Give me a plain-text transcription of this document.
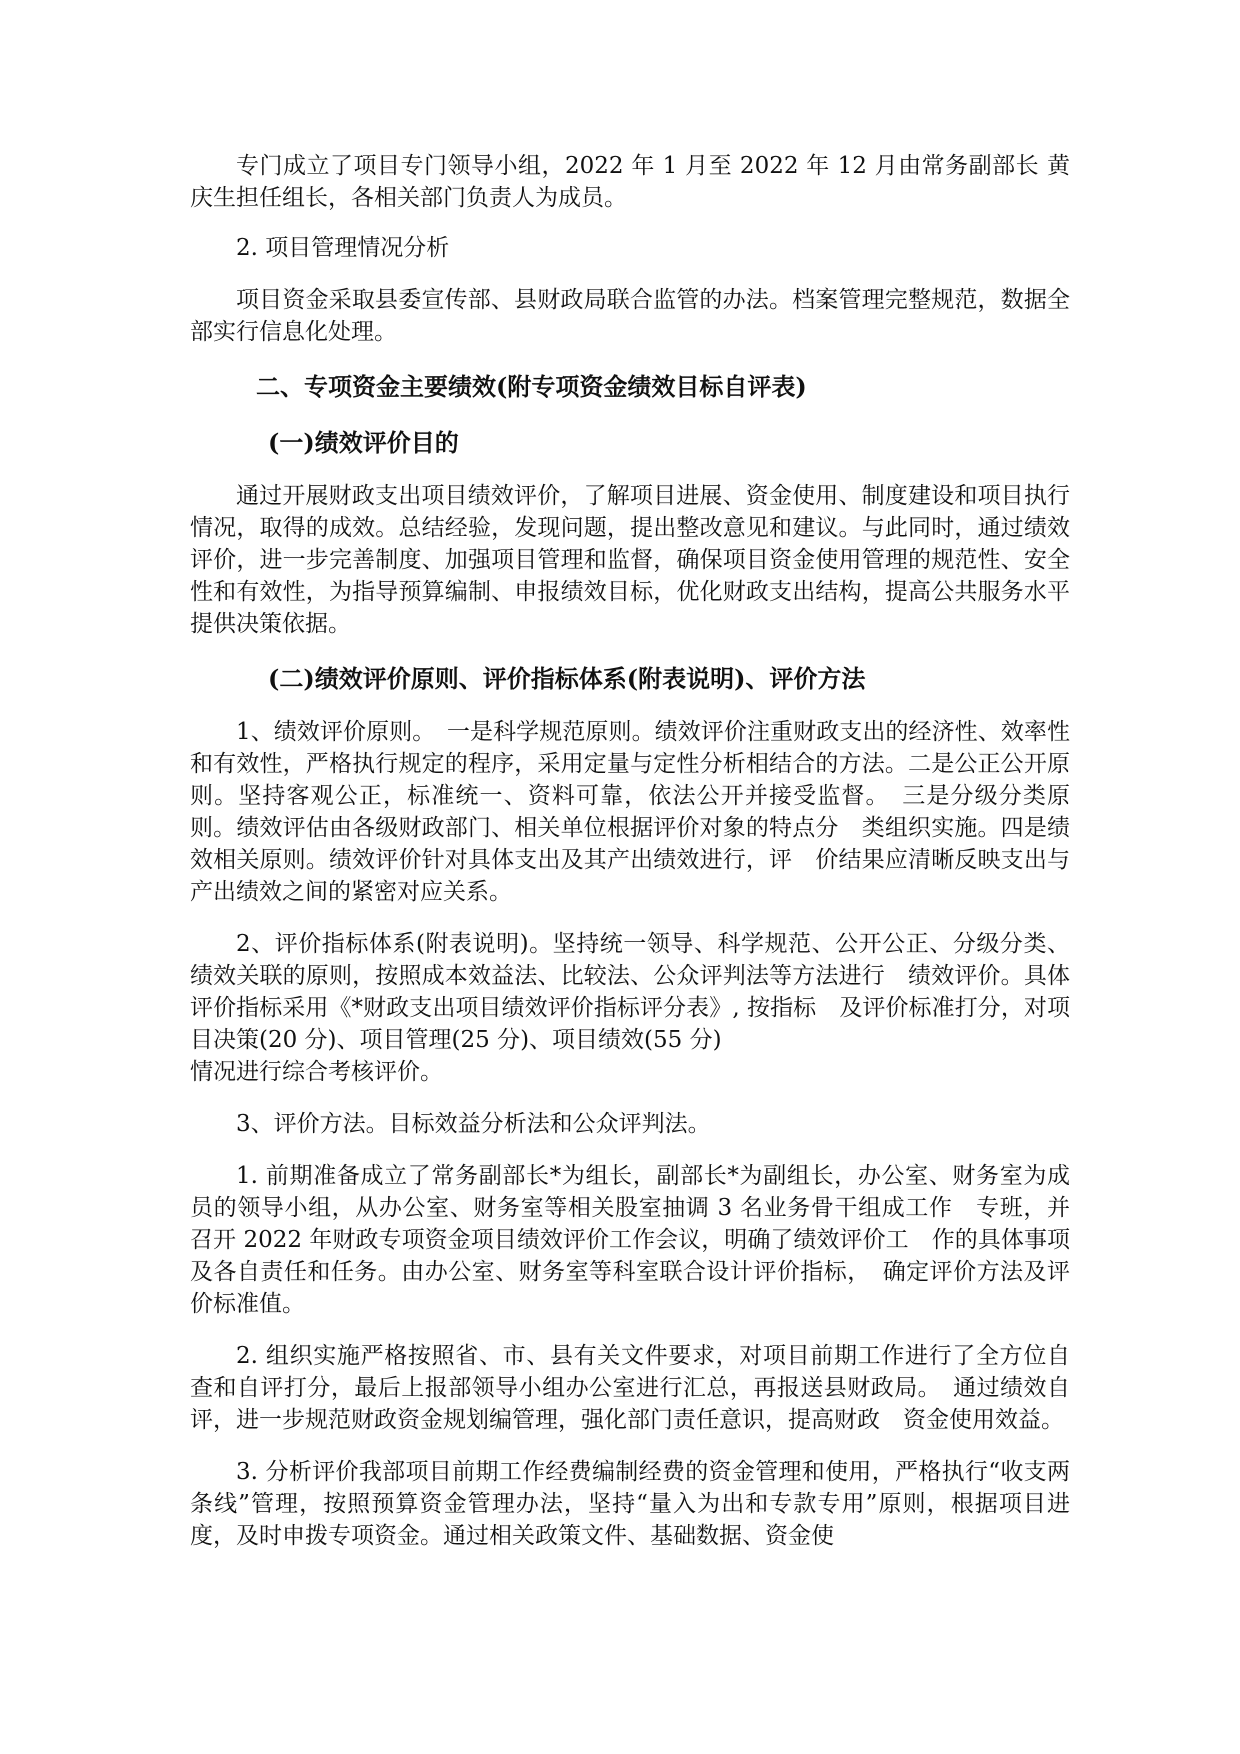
专门成立了项目专门领导小组，2022 年 1 月至 2022 年 12 月由常务副部长 黄庆生担任组长，各相关部门负责人为成员。

2. 项目管理情况分析

项目资金采取县委宣传部、县财政局联合监管的办法。档案管理完整规范，数据全部实行信息化处理。

二、专项资金主要绩效(附专项资金绩效目标自评表)

(一)绩效评价目的

通过开展财政支出项目绩效评价，了解项目进展、资金使用、制度建设和项目执行情况，取得的成效。总结经验，发现问题，提出整改意见和建议。与此同时，通过绩效评价，进一步完善制度、加强项目管理和监督，确保项目资金使用管理的规范性、安全性和有效性，为指导预算编制、申报绩效目标，优化财政支出结构，提高公共服务水平提供决策依据。

(二)绩效评价原则、评价指标体系(附表说明)、评价方法

1、绩效评价原则。　一是科学规范原则。绩效评价注重财政支出的经济性、效率性和有效性，严格执行规定的程序，采用定量与定性分析相结合的方法。二是公正公开原则。坚持客观公正，标准统一、资料可靠，依法公开并接受监督。　三是分级分类原则。绩效评估由各级财政部门、相关单位根据评价对象的特点分　类组织实施。四是绩效相关原则。绩效评价针对具体支出及其产出绩效进行，评　价结果应清晰反映支出与产出绩效之间的紧密对应关系。

2、评价指标体系(附表说明)。坚持统一领导、科学规范、公开公正、分级分类、绩效关联的原则，按照成本效益法、比较法、公众评判法等方法进行　绩效评价。具体评价指标采用《*财政支出项目绩效评价指标评分表》, 按指标　及评价标准打分，对项目决策(20 分)、项目管理(25 分)、项目绩效(55 分)

情况进行综合考核评价。

3、评价方法。目标效益分析法和公众评判法。

1. 前期准备成立了常务副部长*为组长，副部长*为副组长，办公室、财务室为成员的领导小组，从办公室、财务室等相关股室抽调 3 名业务骨干组成工作　专班，并召开 2022 年财政专项资金项目绩效评价工作会议，明确了绩效评价工　作的具体事项及各自责任和任务。由办公室、财务室等科室联合设计评价指标，　确定评价方法及评价标准值。

2. 组织实施严格按照省、市、县有关文件要求，对项目前期工作进行了全方位自查和自评打分，最后上报部领导小组办公室进行汇总，再报送县财政局。　通过绩效自评，进一步规范财政资金规划编管理，强化部门责任意识，提高财政　资金使用效益。

3. 分析评价我部项目前期工作经费编制经费的资金管理和使用，严格执行“收支两条线”管理，按照预算资金管理办法，坚持“量入为出和专款专用”原则，根据项目进度，及时申拨专项资金。通过相关政策文件、基础数据、资金使
